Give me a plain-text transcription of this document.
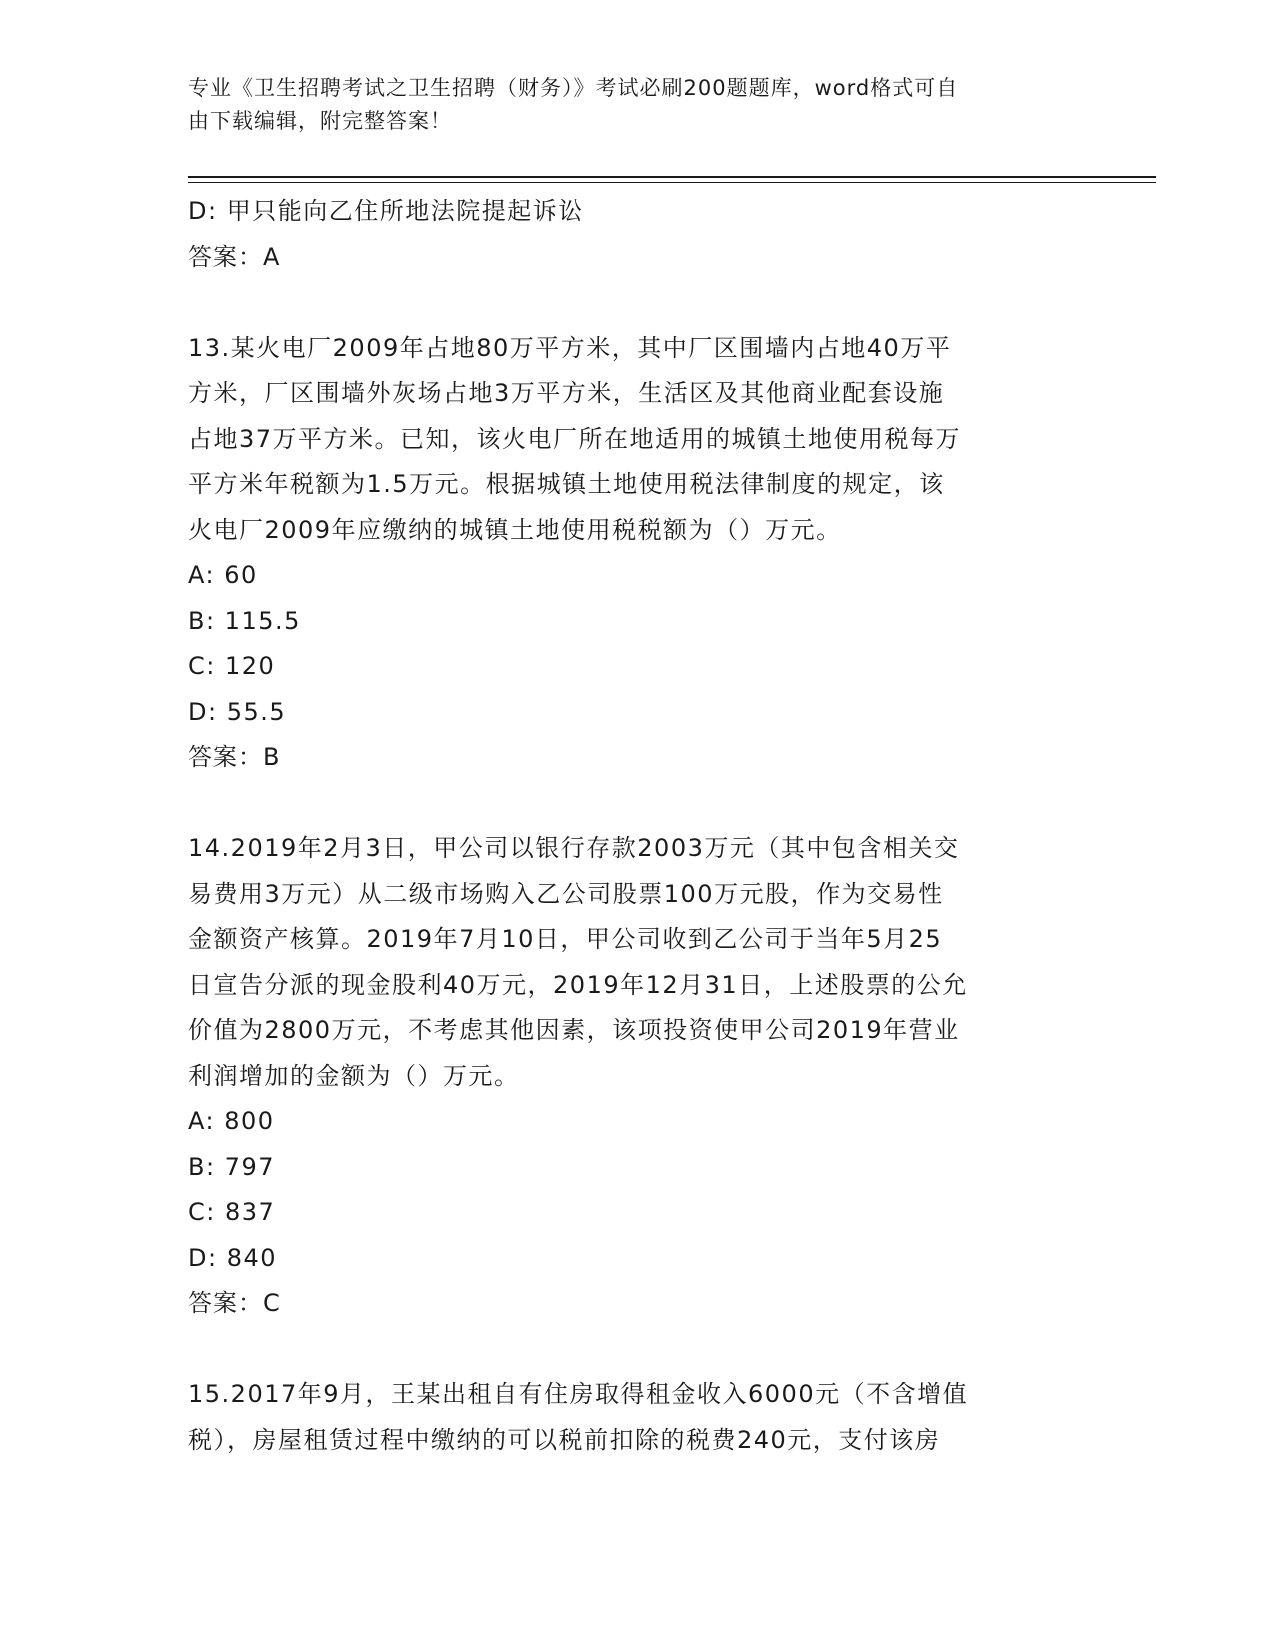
专业《卫生招聘考试之卫生招聘（财务）》考试必刷200题题库，word格式可自
由下载编辑，附完整答案！
D: 甲只能向乙住所地法院提起诉讼
答案：A
13.某火电厂2009年占地80万平方米，其中厂区围墙内占地40万平
方米，厂区围墙外灰场占地3万平方米，生活区及其他商业配套设施
占地37万平方米。已知，该火电厂所在地适用的城镇土地使用税每万
平方米年税额为1.5万元。根据城镇土地使用税法律制度的规定，该
火电厂2009年应缴纳的城镇土地使用税税额为（）万元。
A: 60
B: 115.5
C: 120
D: 55.5
答案：B
14.2019年2月3日，甲公司以银行存款2003万元（其中包含相关交
易费用3万元）从二级市场购入乙公司股票100万元股，作为交易性
金额资产核算。2019年7月10日，甲公司收到乙公司于当年5月25
日宣告分派的现金股利40万元，2019年12月31日，上述股票的公允
价值为2800万元，不考虑其他因素，该项投资使甲公司2019年营业
利润增加的金额为（）万元。
A: 800
B: 797
C: 837
D: 840
答案：C
15.2017年9月，王某出租自有住房取得租金收入6000元（不含增值
税），房屋租赁过程中缴纳的可以税前扣除的税费240元，支付该房
